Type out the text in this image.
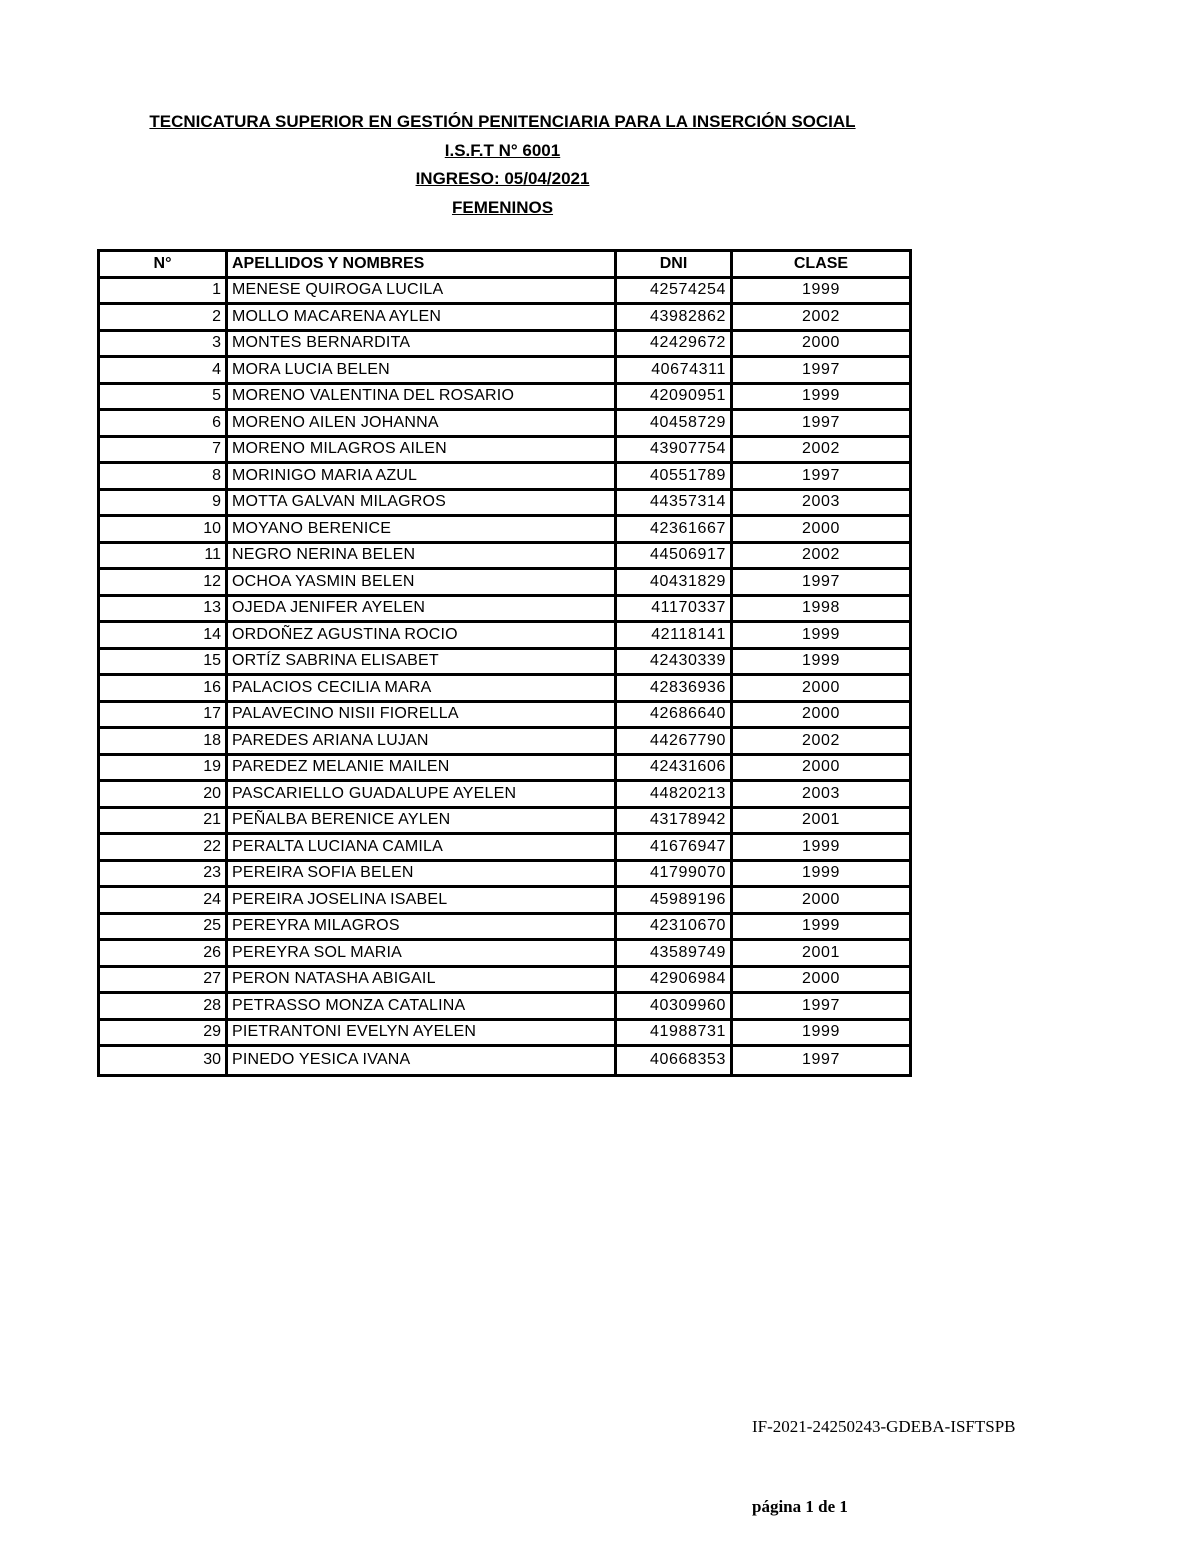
TECNICATURA SUPERIOR EN GESTIÓN PENITENCIARIA PARA LA INSERCIÓN SOCIAL
I.S.F.T N° 6001
INGRESO: 05/04/2021
FEMENINOS
N°	APELLIDOS Y NOMBRES	DNI	CLASE
1	MENESE QUIROGA LUCILA	42574254	1999
2	MOLLO MACARENA AYLEN	43982862	2002
3	MONTES BERNARDITA	42429672	2000
4	MORA LUCIA BELEN	40674311	1997
5	MORENO VALENTINA DEL ROSARIO	42090951	1999
6	MORENO AILEN JOHANNA	40458729	1997
7	MORENO MILAGROS AILEN	43907754	2002
8	MORINIGO MARIA AZUL	40551789	1997
9	MOTTA GALVAN MILAGROS	44357314	2003
10	MOYANO BERENICE	42361667	2000
11	NEGRO NERINA BELEN	44506917	2002
12	OCHOA YASMIN BELEN	40431829	1997
13	OJEDA JENIFER AYELEN	41170337	1998
14	ORDOÑEZ AGUSTINA ROCIO	42118141	1999
15	ORTÍZ SABRINA ELISABET	42430339	1999
16	PALACIOS CECILIA MARA	42836936	2000
17	PALAVECINO NISII FIORELLA	42686640	2000
18	PAREDES ARIANA LUJAN	44267790	2002
19	PAREDEZ MELANIE MAILEN	42431606	2000
20	PASCARIELLO GUADALUPE AYELEN	44820213	2003
21	PEÑALBA BERENICE AYLEN	43178942	2001
22	PERALTA LUCIANA CAMILA	41676947	1999
23	PEREIRA SOFIA BELEN	41799070	1999
24	PEREIRA JOSELINA ISABEL	45989196	2000
25	PEREYRA MILAGROS	42310670	1999
26	PEREYRA SOL MARIA	43589749	2001
27	PERON NATASHA ABIGAIL	42906984	2000
28	PETRASSO MONZA CATALINA	40309960	1997
29	PIETRANTONI EVELYN AYELEN	41988731	1999
30	PINEDO YESICA IVANA	40668353	1997
IF-2021-24250243-GDEBA-ISFTSPB
página 1 de 1
